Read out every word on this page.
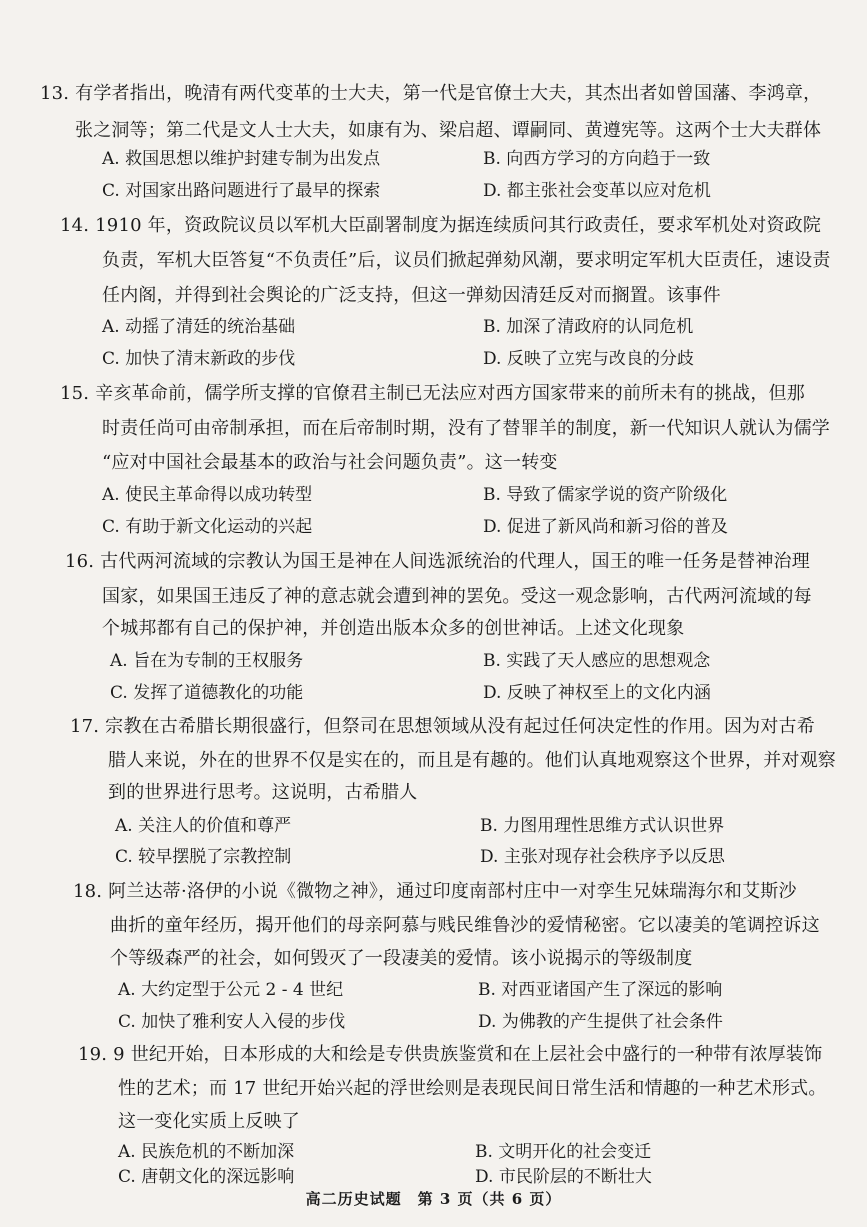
13. 有学者指出，晚清有两代变革的士大夫，第一代是官僚士大夫，其杰出者如曾国藩、李鸿章，
张之洞等；第二代是文人士大夫，如康有为、梁启超、谭嗣同、黄遵宪等。这两个士大夫群体
A. 救国思想以维护封建专制为出发点	B. 向西方学习的方向趋于一致
C. 对国家出路问题进行了最早的探索	D. 都主张社会变革以应对危机
14. 1910 年，资政院议员以军机大臣副署制度为据连续质问其行政责任，要求军机处对资政院
负责，军机大臣答复“不负责任”后，议员们掀起弹劾风潮，要求明定军机大臣责任，速设责
任内阁，并得到社会舆论的广泛支持，但这一弹劾因清廷反对而搁置。该事件
A. 动摇了清廷的统治基础	B. 加深了清政府的认同危机
C. 加快了清末新政的步伐	D. 反映了立宪与改良的分歧
15. 辛亥革命前，儒学所支撑的官僚君主制已无法应对西方国家带来的前所未有的挑战，但那
时责任尚可由帝制承担，而在后帝制时期，没有了替罪羊的制度，新一代知识人就认为儒学
“应对中国社会最基本的政治与社会问题负责”。这一转变
A. 使民主革命得以成功转型	B. 导致了儒家学说的资产阶级化
C. 有助于新文化运动的兴起	D. 促进了新风尚和新习俗的普及
16. 古代两河流域的宗教认为国王是神在人间选派统治的代理人，国王的唯一任务是替神治理
国家，如果国王违反了神的意志就会遭到神的罢免。受这一观念影响，古代两河流域的每
个城邦都有自己的保护神，并创造出版本众多的创世神话。上述文化现象
A. 旨在为专制的王权服务	B. 实践了天人感应的思想观念
C. 发挥了道德教化的功能	D. 反映了神权至上的文化内涵
17. 宗教在古希腊长期很盛行，但祭司在思想领域从没有起过任何决定性的作用。因为对古希
腊人来说，外在的世界不仅是实在的，而且是有趣的。他们认真地观察这个世界，并对观察
到的世界进行思考。这说明，古希腊人
A. 关注人的价值和尊严	B. 力图用理性思维方式认识世界
C. 较早摆脱了宗教控制	D. 主张对现存社会秩序予以反思
18. 阿兰达蒂·洛伊的小说《微物之神》，通过印度南部村庄中一对孪生兄妹瑞海尔和艾斯沙
曲折的童年经历，揭开他们的母亲阿慕与贱民维鲁沙的爱情秘密。它以凄美的笔调控诉这
个等级森严的社会，如何毁灭了一段凄美的爱情。该小说揭示的等级制度
A. 大约定型于公元 2 - 4 世纪	B. 对西亚诸国产生了深远的影响
C. 加快了雅利安人入侵的步伐	D. 为佛教的产生提供了社会条件
19. 9 世纪开始，日本形成的大和绘是专供贵族鉴赏和在上层社会中盛行的一种带有浓厚装饰
性的艺术；而 17 世纪开始兴起的浮世绘则是表现民间日常生活和情趣的一种艺术形式。
这一变化实质上反映了
A. 民族危机的不断加深	B. 文明开化的社会变迁
C. 唐朝文化的深远影响	D. 市民阶层的不断壮大
高二历史试题　第 3 页（共 6 页）
